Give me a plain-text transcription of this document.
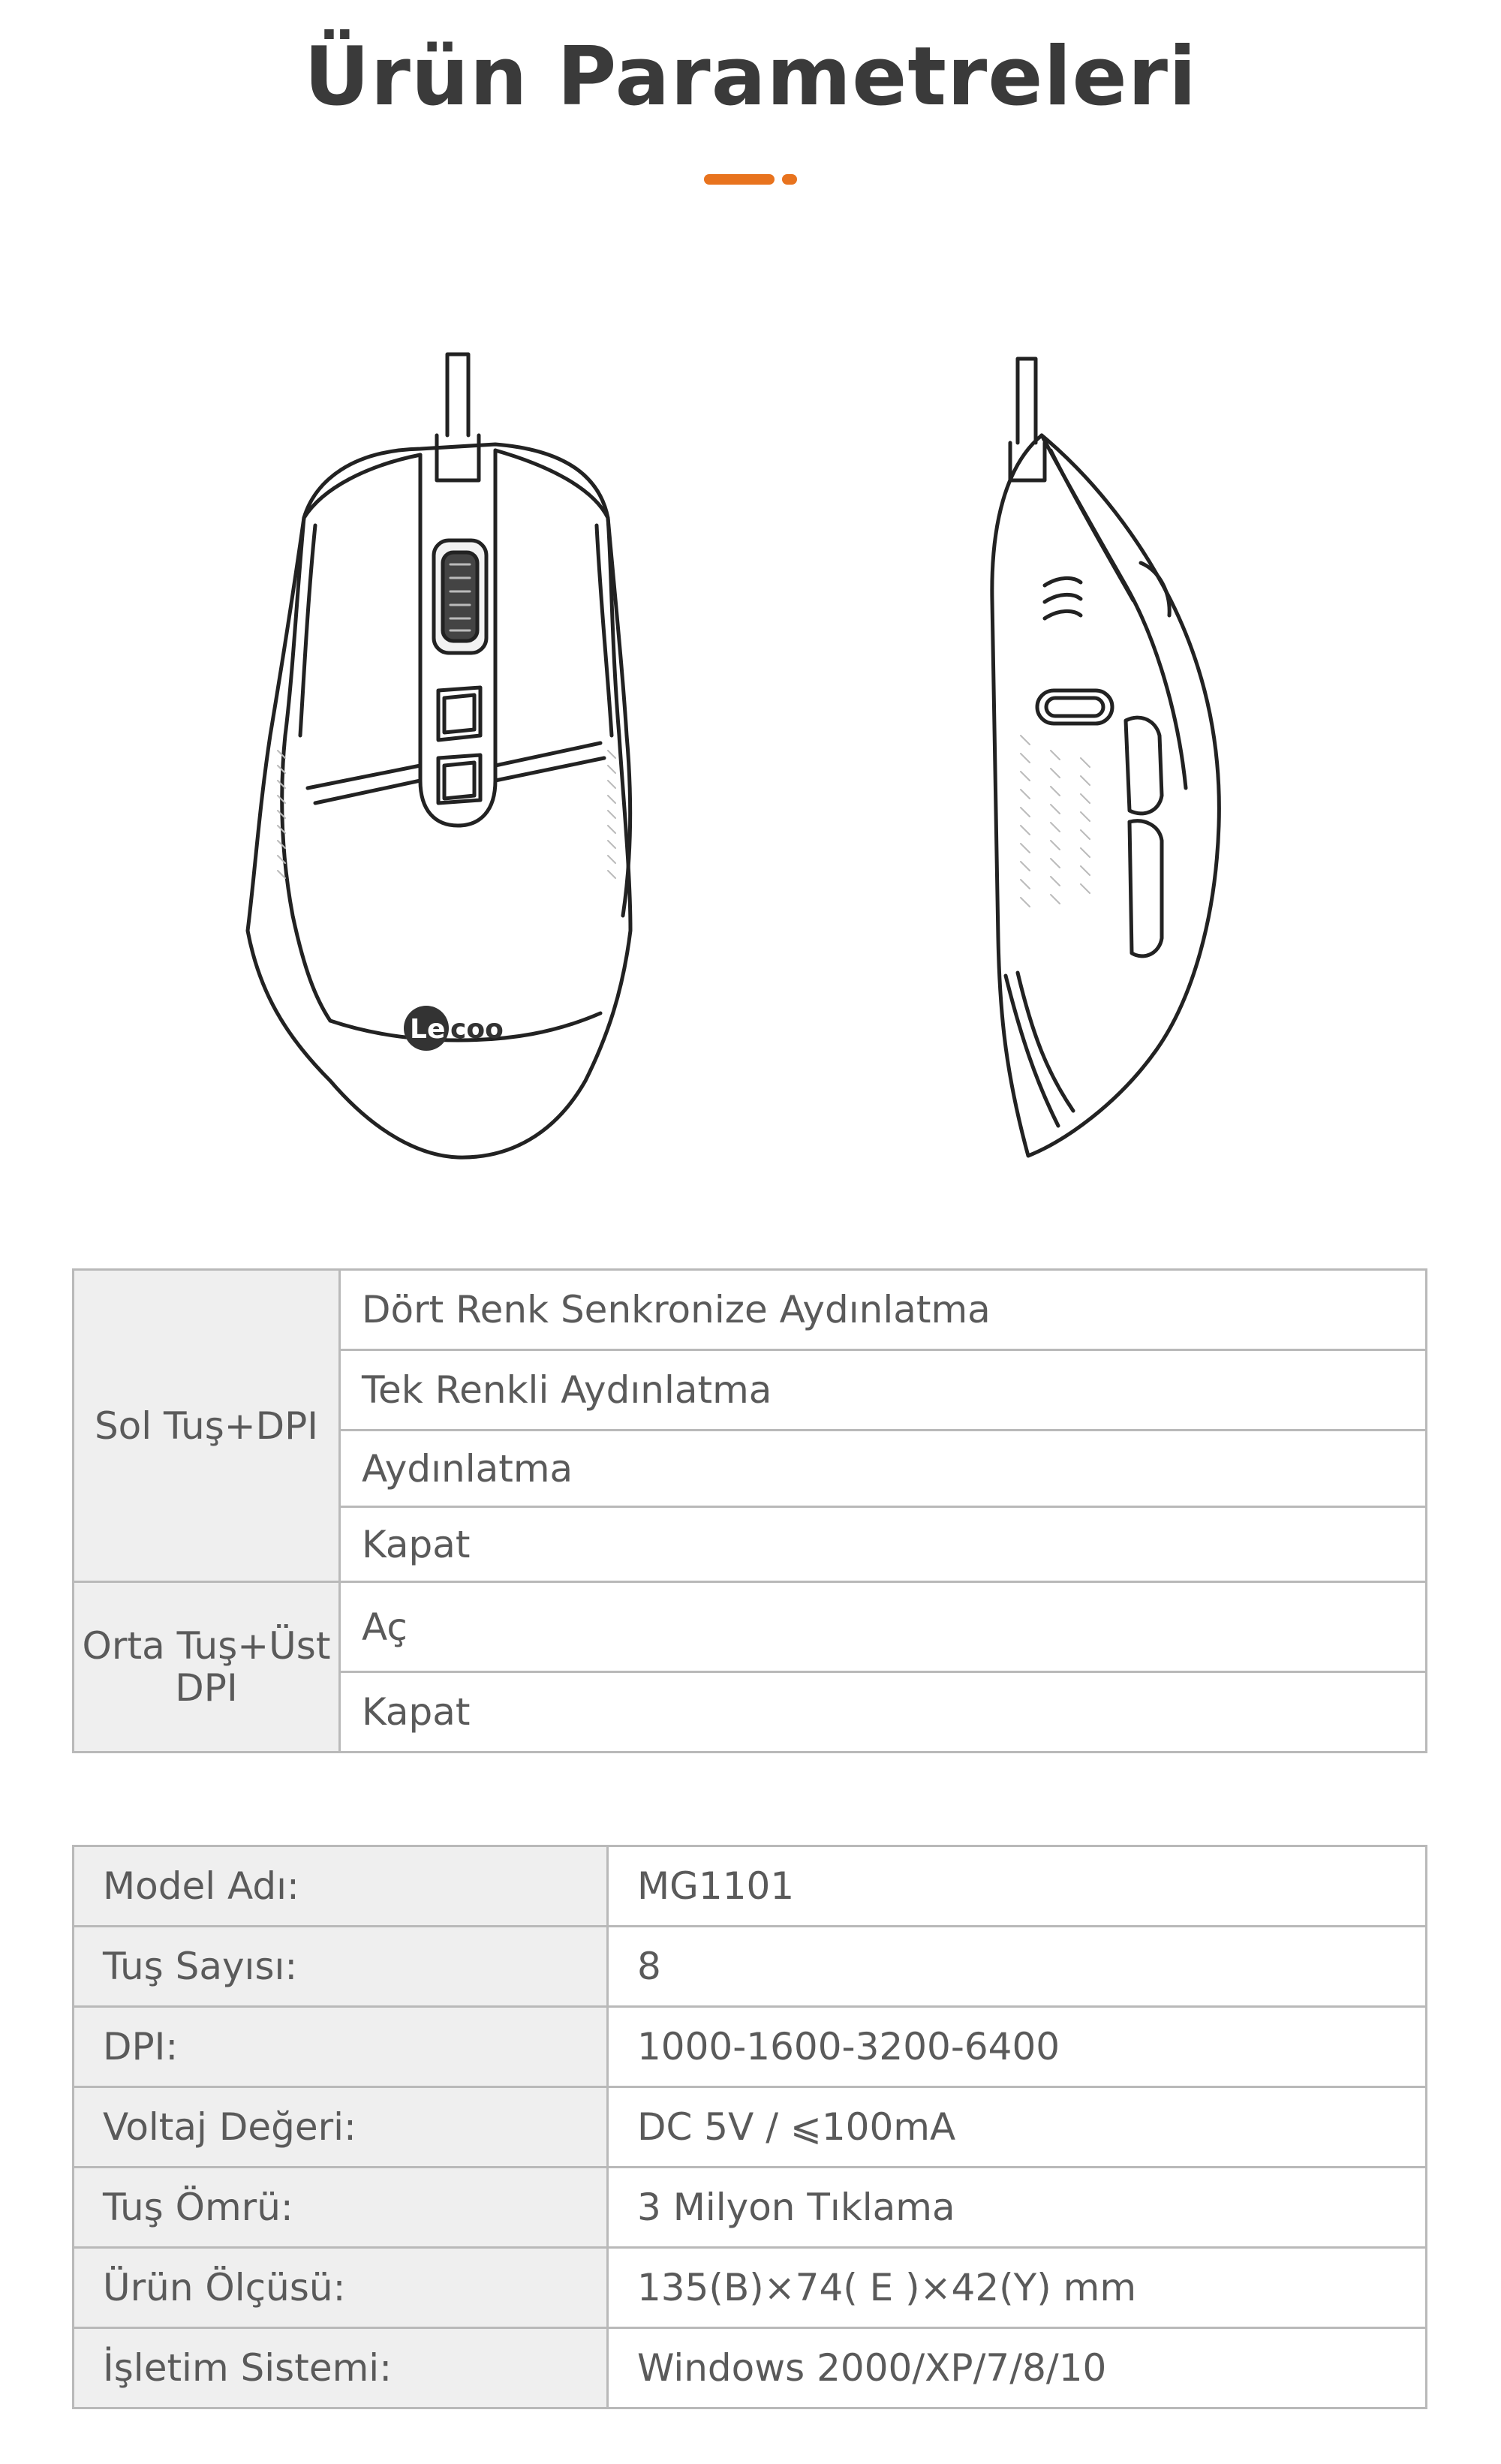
Ürün Parametreleri
Le coo
Sol Tuş+DPI	Dört Renk Senkronize Aydınlatma
	Tek Renkli Aydınlatma
	Aydınlatma
	Kapat
Orta Tuş+Üst DPI	Aç
	Kapat
Model Adı:	MG1101
Tuş Sayısı:	8
DPI:	1000-1600-3200-6400
Voltaj Değeri:	DC 5V / ⩽100mA
Tuş Ömrü:	3 Milyon Tıklama
Ürün Ölçüsü:	135(B)×74( E )×42(Y) mm
İşletim Sistemi:	Windows 2000/XP/7/8/10
